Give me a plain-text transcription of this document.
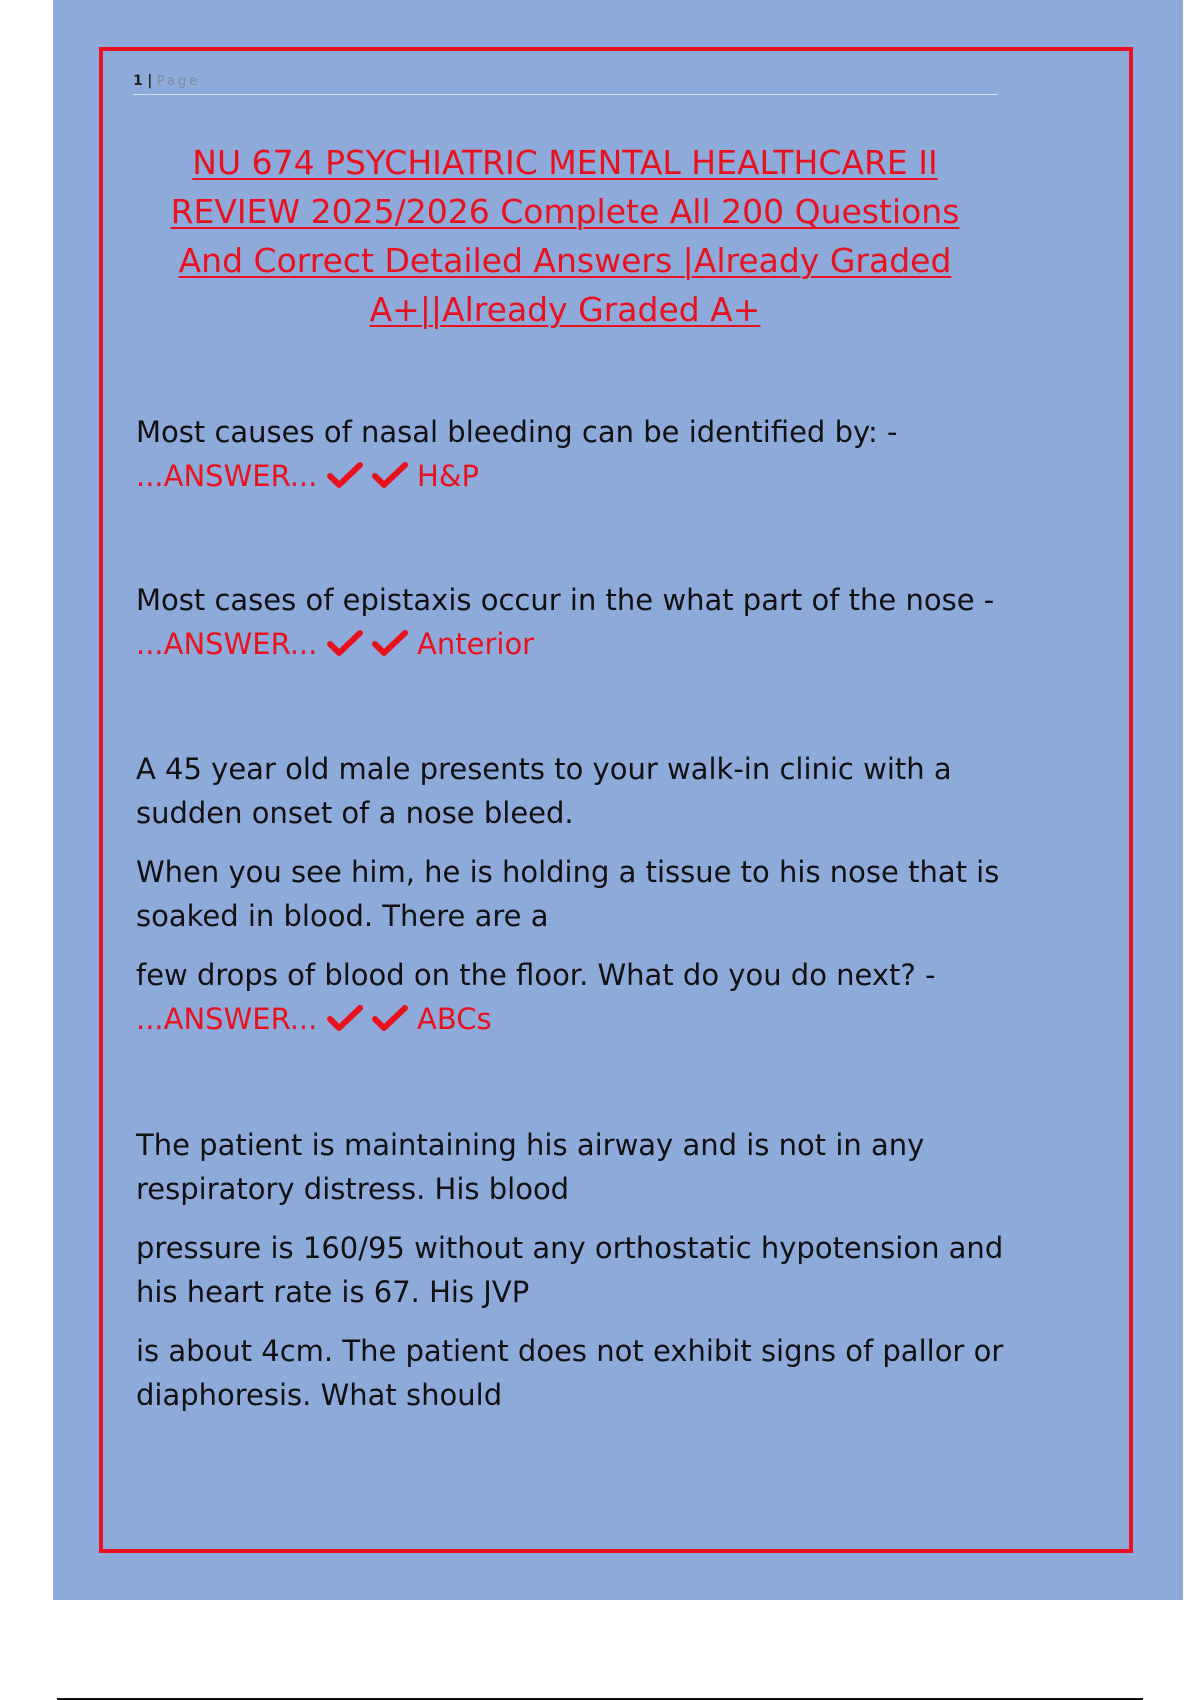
1 | Page
NU 674 PSYCHIATRIC MENTAL HEALTHCARE II REVIEW 2025/2026 Complete All 200 Questions And Correct Detailed Answers |Already Graded A+||Already Graded A+

Most causes of nasal bleeding can be identified by: -
...ANSWER...
	H&P

Most cases of epistaxis occur in the what part of the nose - ...ANSWER...
	Anterior

A 45 year old male presents to your walk-in clinic with a sudden onset of a nose bleed.

When you see him, he is holding a tissue to his nose that is soaked in blood. There are a

few drops of blood on the floor. What do you do next? -
...ANSWER...
	ABCs

The patient is maintaining his airway and is not in any respiratory distress. His blood

pressure is 160/95 without any orthostatic hypotension and his heart rate is 67. His JVP

is about 4cm. The patient does not exhibit signs of pallor or diaphoresis. What should
